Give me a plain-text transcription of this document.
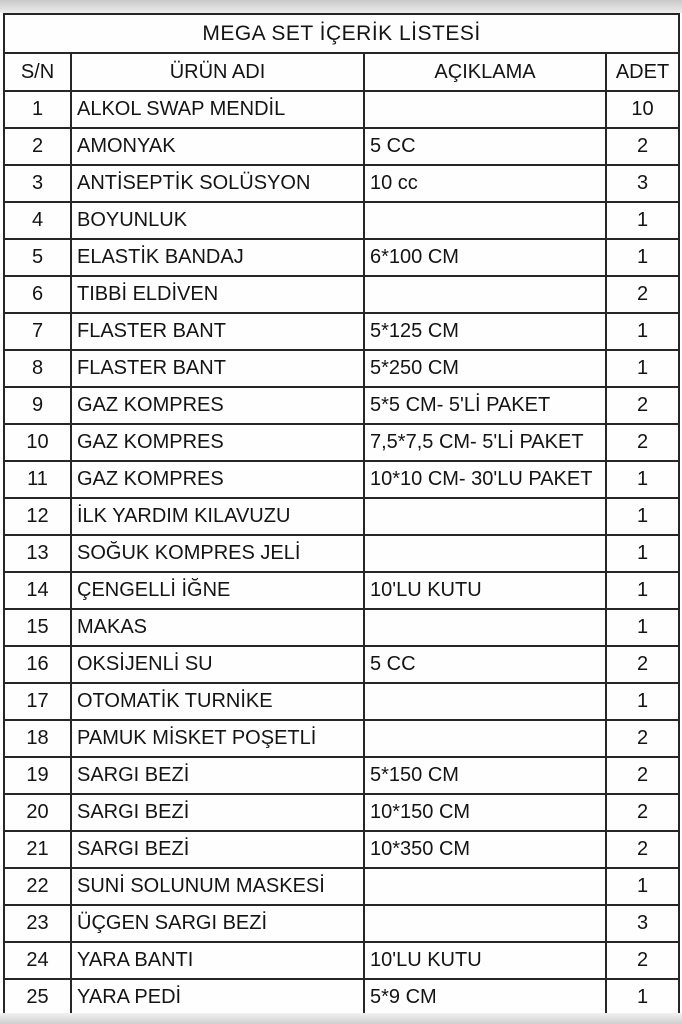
MEGA SET İÇERİK LİSTESİ			
S/N	ÜRÜN ADI	AÇIKLAMA	ADET
1	ALKOL SWAP MENDİL		10
2	AMONYAK	5 CC	2
3	ANTİSEPTİK SOLÜSYON	10 cc	3
4	BOYUNLUK		1
5	ELASTİK BANDAJ	6*100 CM	1
6	TIBBİ ELDİVEN		2
7	FLASTER BANT	5*125 CM	1
8	FLASTER BANT	5*250 CM	1
9	GAZ KOMPRES	5*5 CM- 5'Lİ PAKET	2
10	GAZ KOMPRES	7,5*7,5 CM- 5'Lİ PAKET	2
11	GAZ KOMPRES	10*10 CM- 30'LU PAKET	1
12	İLK YARDIM KILAVUZU		1
13	SOĞUK KOMPRES JELİ		1
14	ÇENGELLİ İĞNE	10'LU KUTU	1
15	MAKAS		1
16	OKSİJENLİ SU	5 CC	2
17	OTOMATİK TURNİKE		1
18	PAMUK MİSKET POŞETLİ		2
19	SARGI BEZİ	5*150 CM	2
20	SARGI BEZİ	10*150 CM	2
21	SARGI BEZİ	10*350 CM	2
22	SUNİ SOLUNUM MASKESİ		1
23	ÜÇGEN SARGI BEZİ		3
24	YARA BANTI	10'LU KUTU	2
25	YARA PEDİ	5*9 CM	1
